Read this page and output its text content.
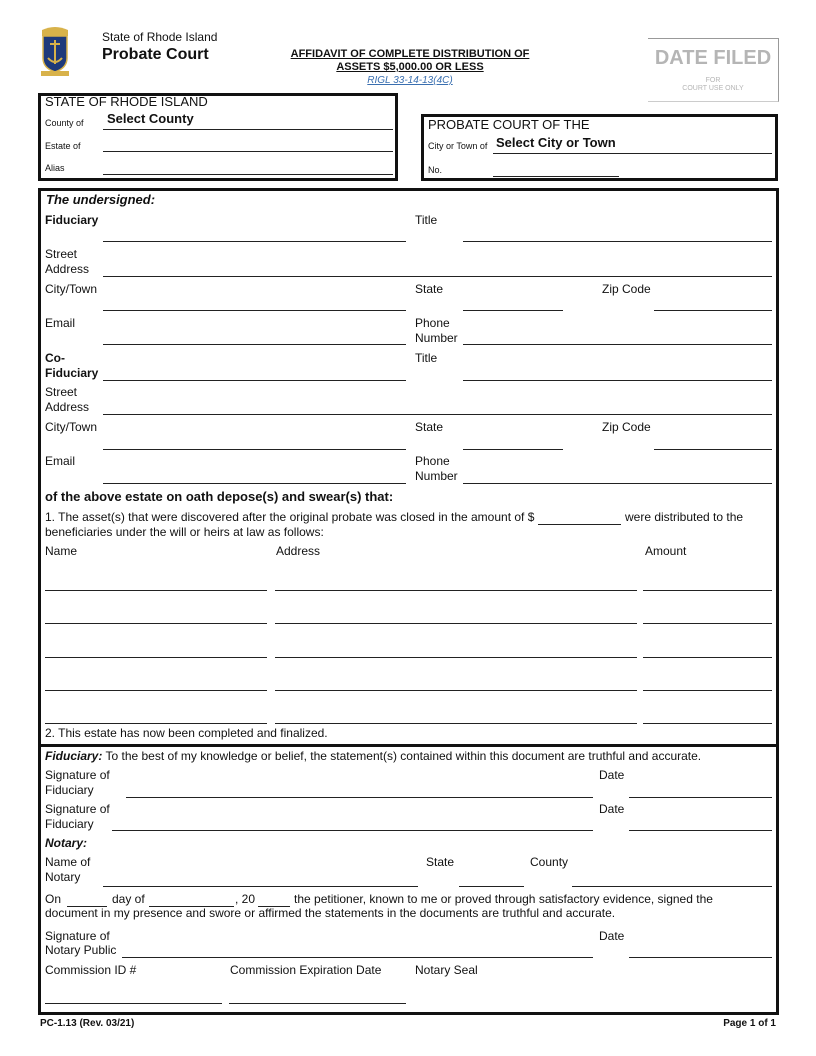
State of Rhode Island
Probate Court	AFFIDAVIT OF COMPLETE DISTRIBUTION OF
ASSETS $5,000.00 OR LESS
RIGL 33-14-13(4C)
DATE FILED
FOR
COURT USE ONLY
STATE OF RHODE ISLAND
County of Select County
Estate of
Alias
PROBATE COURT OF THE
City or Town of Select City or Town
No.
The undersigned:
Fiduciary	Title
Street
Address
City/Town	State	Zip Code
Email	Phone
Number
Co-
Fiduciary
Title
Street
Address
City/Town	State	Zip Code
Email	Phone
Number
of the above estate on oath depose(s) and swear(s) that:
1. The asset(s) that were discovered after the original probate was closed in the amount of $	were distributed to the
beneficiaries under the will or heirs at law as follows:
Name	Address	Amount
2. This estate has now been completed and finalized.
Fiduciary: To the best of my knowledge or belief, the statement(s) contained within this document are truthful and accurate.
Signature of
Fiduciary
Date
Signature of
Fiduciary
Date
Notary:
Name of
Notary
State	County
On	day of	, 20	the petitioner, known to me or proved through satisfactory evidence, signed the
document in my presence and swore or affirmed the statements in the documents are truthful and accurate.
Signature of
Notary Public
Date
Commission ID #	Commission Expiration Date	Notary Seal
PC-1.13 (Rev. 03/21)	Page 1 of 1
